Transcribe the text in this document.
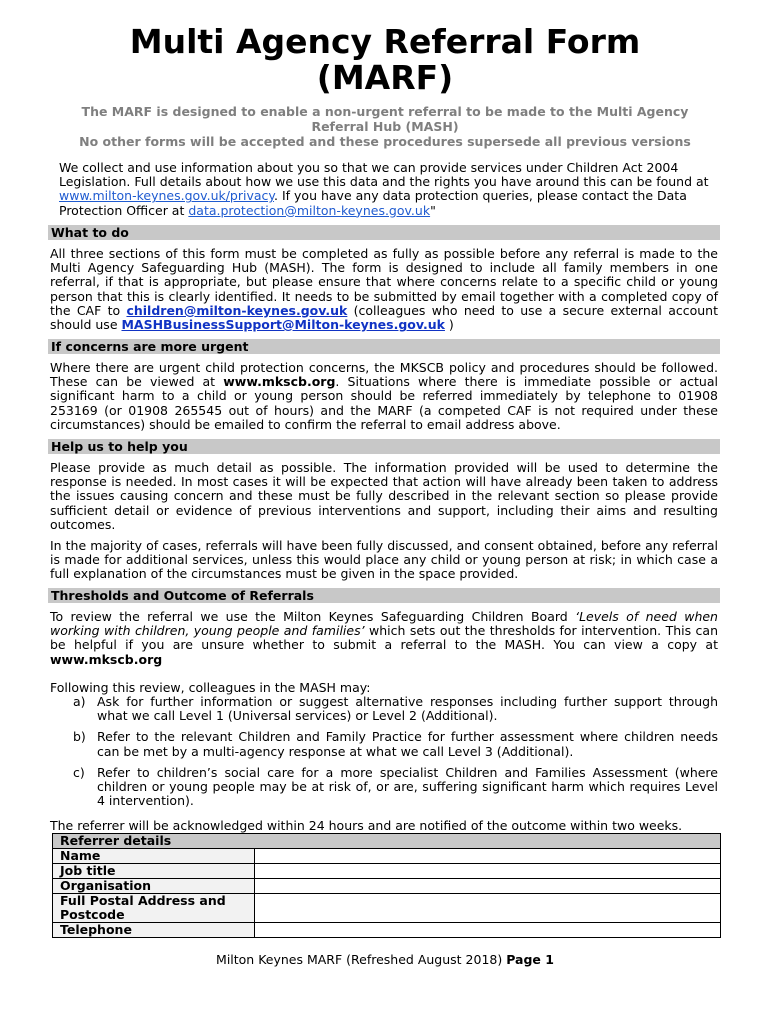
Multi Agency Referral Form
(MARF)
The MARF is designed to enable a non-urgent referral to be made to the Multi Agency Referral Hub (MASH)
No other forms will be accepted and these procedures supersede all previous versions
We collect and use information about you so that we can provide services under Children Act 2004 Legislation. Full details about how we use this data and the rights you have around this can be found at www.milton-keynes.gov.uk/privacy. If you have any data protection queries, please contact the Data Protection Officer at data.protection@milton-keynes.gov.uk"
What to do
All three sections of this form must be completed as fully as possible before any referral is made to the Multi Agency Safeguarding Hub (MASH). The form is designed to include all family members in one referral, if that is appropriate, but please ensure that where concerns relate to a specific child or young person that this is clearly identified. It needs to be submitted by email together with a completed copy of the CAF to children@milton-keynes.gov.uk (colleagues who need to use a secure external account should use MASHBusinessSupport@Milton-keynes.gov.uk )
If concerns are more urgent
Where there are urgent child protection concerns, the MKSCB policy and procedures should be followed. These can be viewed at www.mkscb.org. Situations where there is immediate possible or actual significant harm to a child or young person should be referred immediately by telephone to 01908 253169 (or 01908 265545 out of hours) and the MARF (a competed CAF is not required under these circumstances) should be emailed to confirm the referral to email address above.
Help us to help you
Please provide as much detail as possible. The information provided will be used to determine the response is needed. In most cases it will be expected that action will have already been taken to address the issues causing concern and these must be fully described in the relevant section so please provide sufficient detail or evidence of previous interventions and support, including their aims and resulting outcomes.
In the majority of cases, referrals will have been fully discussed, and consent obtained, before any referral is made for additional services, unless this would place any child or young person at risk; in which case a full explanation of the circumstances must be given in the space provided.
Thresholds and Outcome of Referrals
To review the referral we use the Milton Keynes Safeguarding Children Board ‘Levels of need when working with children, young people and families’ which sets out the thresholds for intervention. This can be helpful if you are unsure whether to submit a referral to the MASH. You can view a copy at www.mkscb.org
Following this review, colleagues in the MASH may:
a) Ask for further information or suggest alternative responses including further support through what we call Level 1 (Universal services) or Level 2 (Additional).
b) Refer to the relevant Children and Family Practice for further assessment where children needs can be met by a multi-agency response at what we call Level 3 (Additional).
c) Refer to children’s social care for a more specialist Children and Families Assessment (where children or young people may be at risk of, or are, suffering significant harm which requires Level 4 intervention).
The referrer will be acknowledged within 24 hours and are notified of the outcome within two weeks.
Referrer details	
Name	
Job title	
Organisation	
Full Postal Address and Postcode	
Telephone	
Milton Keynes MARF (Refreshed August 2018) Page 1
